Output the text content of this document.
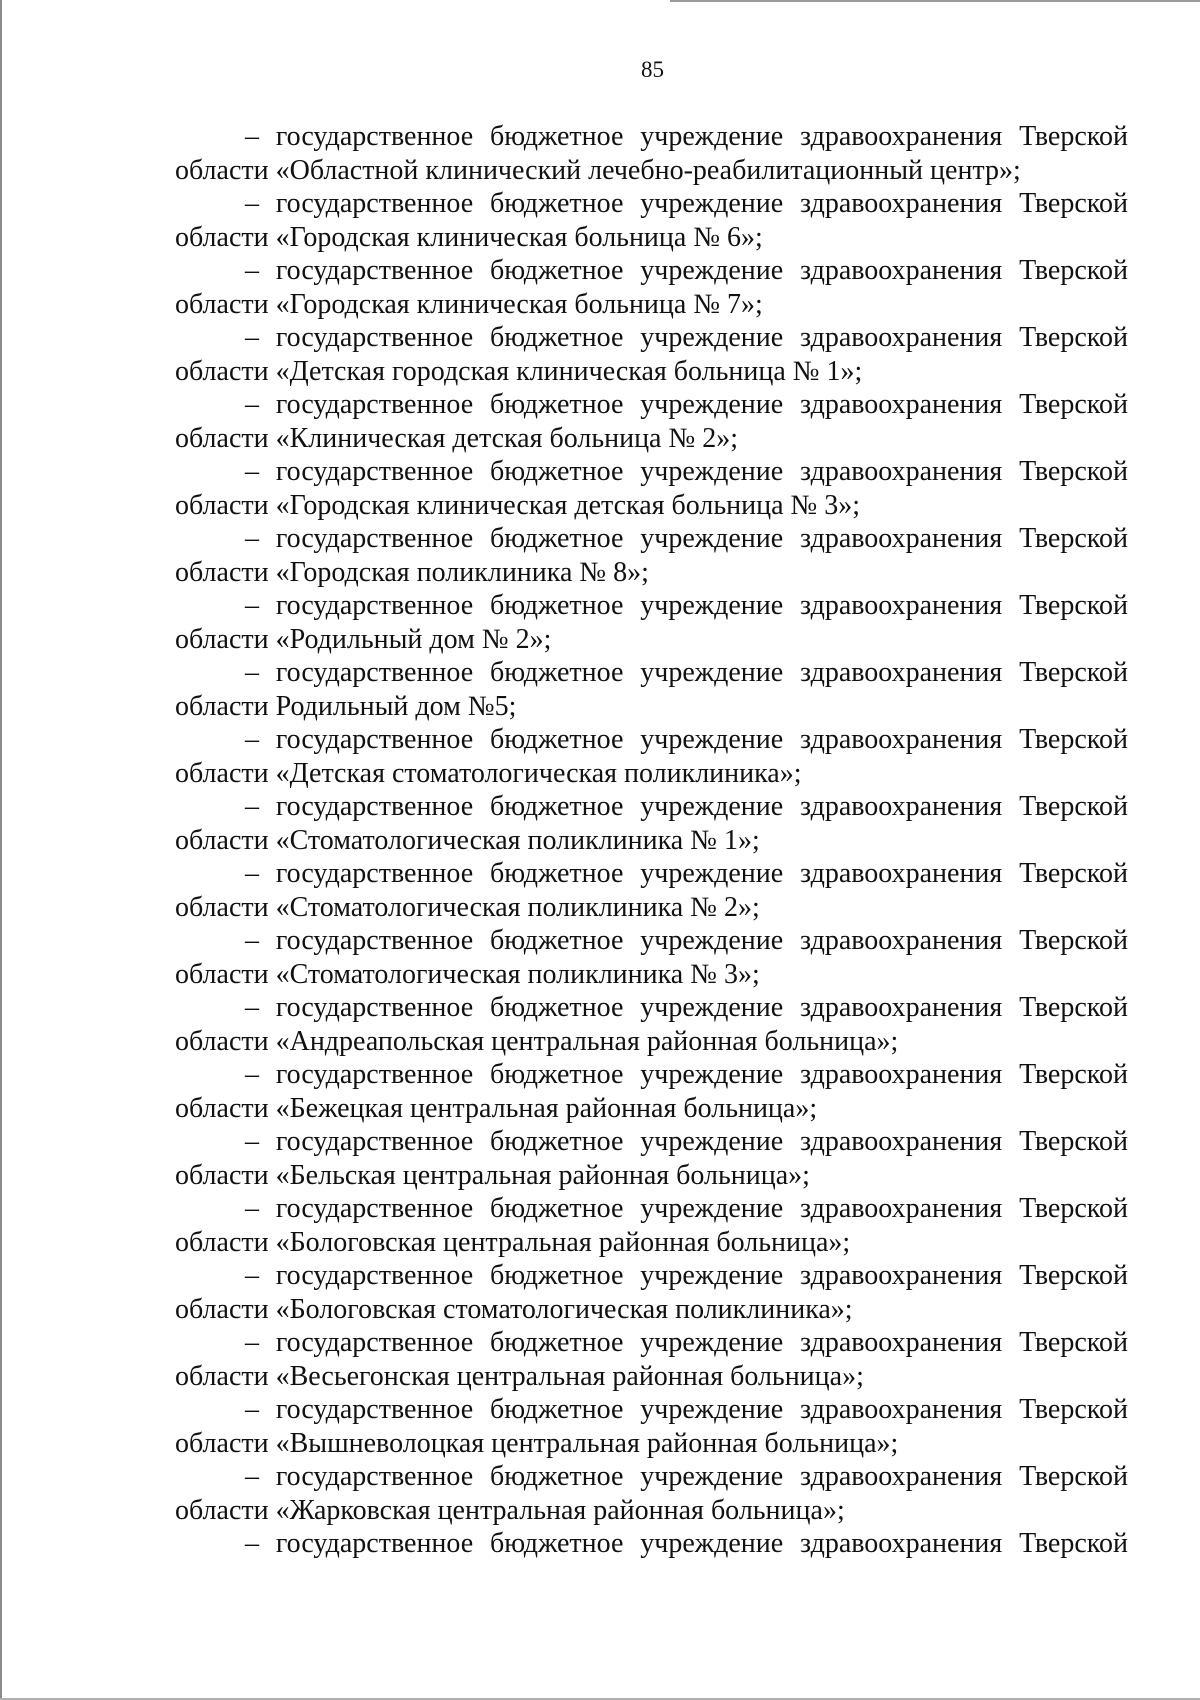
85
– государственное бюджетное учреждение здравоохранения Тверской
области «Областной клинический лечебно-реабилитационный центр»;
– государственное бюджетное учреждение здравоохранения Тверской
области «Городская клиническая больница № 6»;
– государственное бюджетное учреждение здравоохранения Тверской
области «Городская клиническая больница № 7»;
– государственное бюджетное учреждение здравоохранения Тверской
области «Детская городская клиническая больница № 1»;
– государственное бюджетное учреждение здравоохранения Тверской
области «Клиническая детская больница № 2»;
– государственное бюджетное учреждение здравоохранения Тверской
области «Городская клиническая детская больница № 3»;
– государственное бюджетное учреждение здравоохранения Тверской
области «Городская поликлиника № 8»;
– государственное бюджетное учреждение здравоохранения Тверской
области «Родильный дом № 2»;
– государственное бюджетное учреждение здравоохранения Тверской
области Родильный дом №5;
– государственное бюджетное учреждение здравоохранения Тверской
области «Детская стоматологическая поликлиника»;
– государственное бюджетное учреждение здравоохранения Тверской
области «Стоматологическая поликлиника № 1»;
– государственное бюджетное учреждение здравоохранения Тверской
области «Стоматологическая поликлиника № 2»;
– государственное бюджетное учреждение здравоохранения Тверской
области «Стоматологическая поликлиника № 3»;
– государственное бюджетное учреждение здравоохранения Тверской
области «Андреапольская центральная районная больница»;
– государственное бюджетное учреждение здравоохранения Тверской
области «Бежецкая центральная районная больница»;
– государственное бюджетное учреждение здравоохранения Тверской
области «Бельская центральная районная больница»;
– государственное бюджетное учреждение здравоохранения Тверской
области «Бологовская центральная районная больница»;
– государственное бюджетное учреждение здравоохранения Тверской
области «Бологовская стоматологическая поликлиника»;
– государственное бюджетное учреждение здравоохранения Тверской
области «Весьегонская центральная районная больница»;
– государственное бюджетное учреждение здравоохранения Тверской
области «Вышневолоцкая центральная районная больница»;
– государственное бюджетное учреждение здравоохранения Тверской
области «Жарковская центральная районная больница»;
– государственное бюджетное учреждение здравоохранения Тверской
